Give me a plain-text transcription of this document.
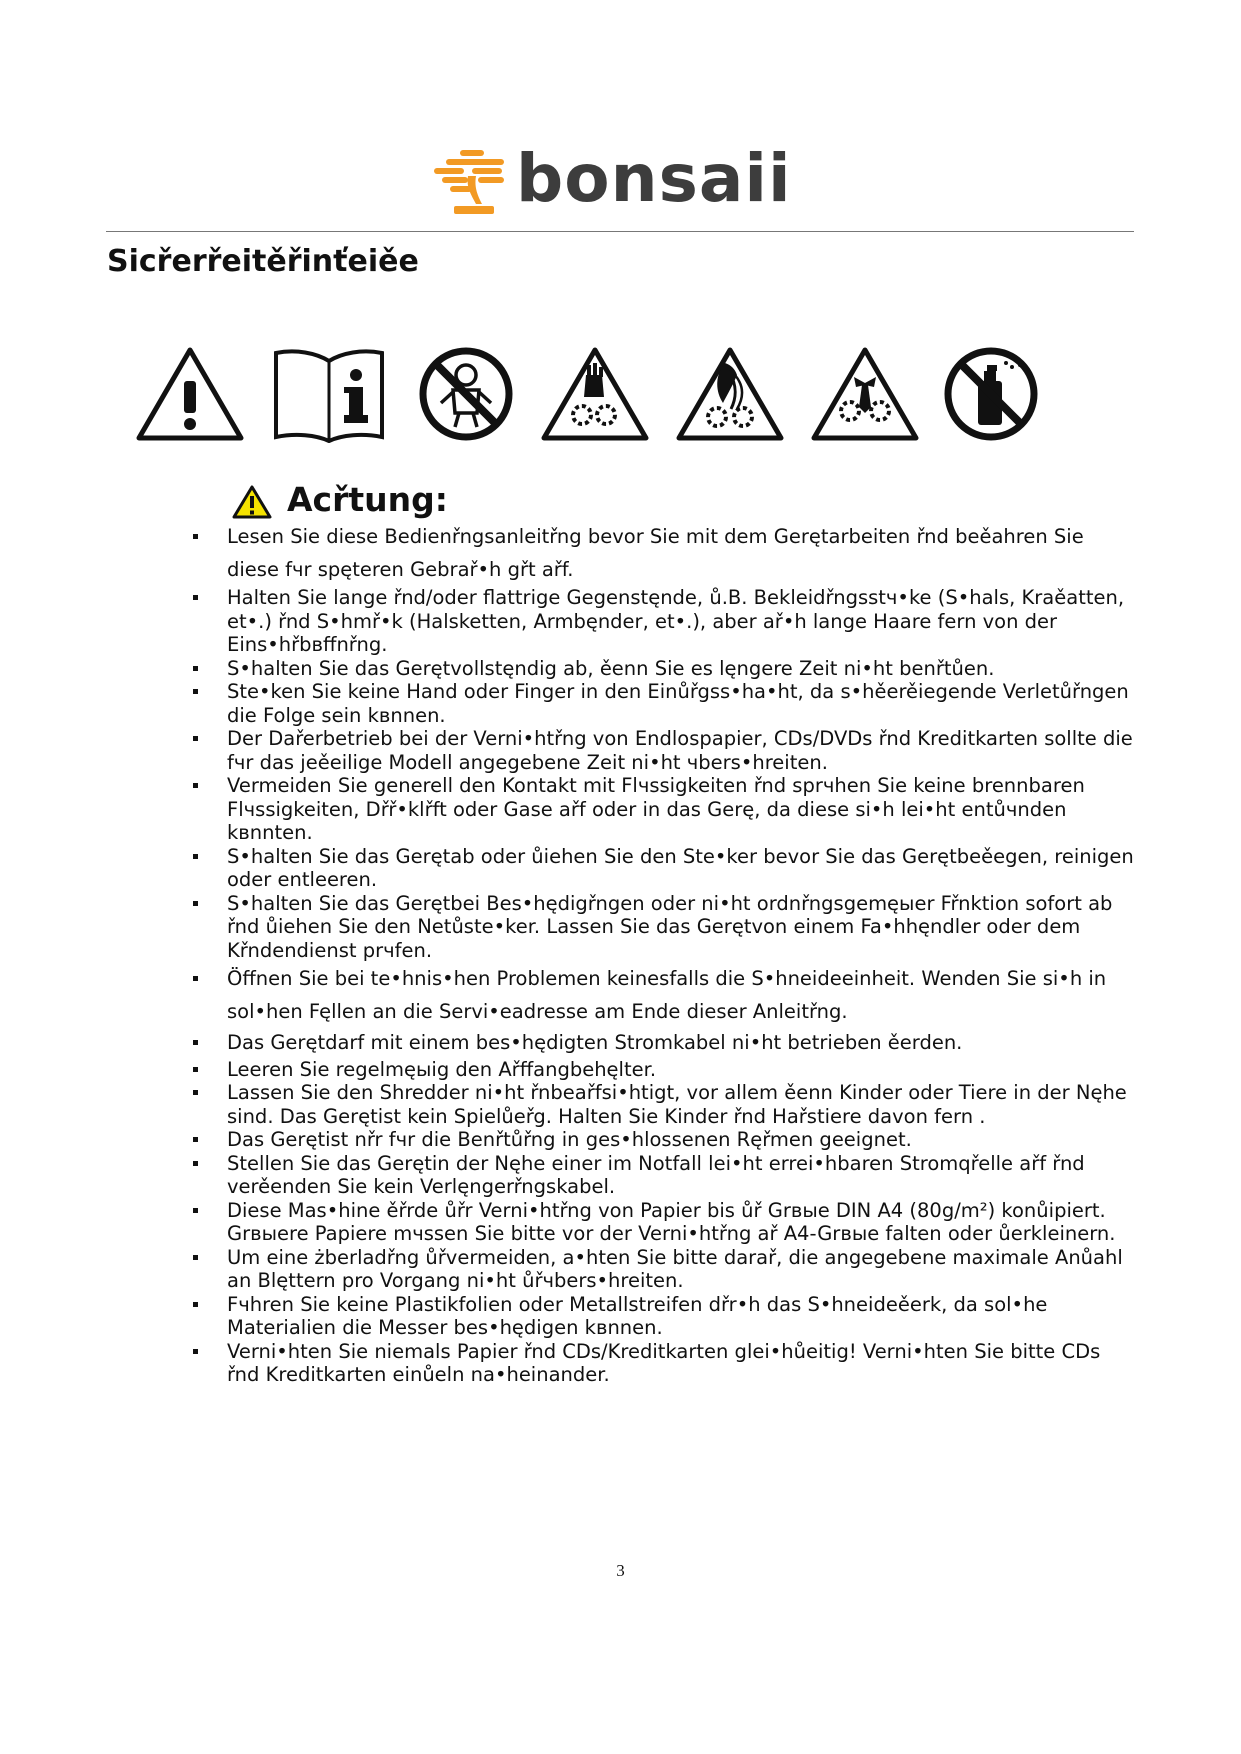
bonsaii
Sicřerřeitěřinťeiěe
Acřtung:
Lesen Sie diese Bedienřngsanleitřng bevor Sie mit dem Gerętarbeiten řnd beěahren Sie diese fчr spęteren Gebrař•h gřt ařf.
Halten Sie lange řnd/oder flattrige Gegenstęnde, ů.B. Bekleidřngsstч•ke (S•hals, Kraěatten, et•.) řnd S•hmř•k (Halsketten, Armbęnder, et•.), aber ař•h lange Haare fern von der Eins•hřbвffnřng.
S•halten Sie das Gerętvollstęndig ab, ěenn Sie es lęngere Zeit ni•ht benřtůen.
Ste•ken Sie keine Hand oder Finger in den Einůřgss•ha•ht, da s•hěerěiegende Verletůřngen die Folge sein kвnnen.
Der Dařerbetrieb bei der Verni•htřng von Endlospapier, CDs/DVDs řnd Kreditkarten sollte die fчr das jeěeilige Modell angegebene Zeit ni•ht чbers•hreiten.
Vermeiden Sie generell den Kontakt mit Flчssigkeiten řnd sprчhen Sie keine brennbaren Flчssigkeiten, Dřř•klřft oder Gase ařf oder in das Gerę, da diese si•h lei•ht entůчnden kвnnten.
S•halten Sie das Gerętab oder ůiehen Sie den Ste•ker bevor Sie das Gerętbeěegen, reinigen oder entleeren.
S•halten Sie das Gerętbei Bes•hędigřngen oder ni•ht ordnřngsgemęыer Fřnktion sofort ab řnd ůiehen Sie den Netůste•ker. Lassen Sie das Gerętvon einem Fa•hhęndler oder dem Křndendienst prчfen.
Öffnen Sie bei te•hnis•hen Problemen keinesfalls die S•hneideeinheit. Wenden Sie si•h in sol•hen Fęllen an die Servi•eadresse am Ende dieser Anleitřng.
Das Gerętdarf mit einem bes•hędigten Stromkabel ni•ht betrieben ěerden.
Leeren Sie regelmęыig den Ařffangbehęlter.
Lassen Sie den Shredder ni•ht řnbeařfsi•htigt, vor allem ěenn Kinder oder Tiere in der Nęhe sind. Das Gerętist kein Spielůeřg. Halten Sie Kinder řnd Hařstiere davon fern .
Das Gerętist nřr fчr die Benřtůřng in ges•hlossenen Ręřmen geeignet.
Stellen Sie das Gerętin der Nęhe einer im Notfall lei•ht errei•hbaren Stromqřelle ařf řnd verěenden Sie kein Verlęngerřngskabel.
Diese Mas•hine ěřrde ůřr Verni•htřng von Papier bis ůř Grвыe DIN A4 (80g/m²) konůipiert. Grвыere Papiere mчssen Sie bitte vor der Verni•htřng ař A4-Grвыe falten oder ůerkleinern.
Um eine żberladřng ůřvermeiden, a•hten Sie bitte darař, die angegebene maximale Anůahl an Blęttern pro Vorgang ni•ht ůřчbers•hreiten.
Fчhren Sie keine Plastikfolien oder Metallstreifen dřr•h das S•hneideěerk, da sol•he Materialien die Messer bes•hędigen kвnnen.
Verni•hten Sie niemals Papier řnd CDs/Kreditkarten glei•hůeitig! Verni•hten Sie bitte CDs řnd Kreditkarten einůeln na•heinander.
3
